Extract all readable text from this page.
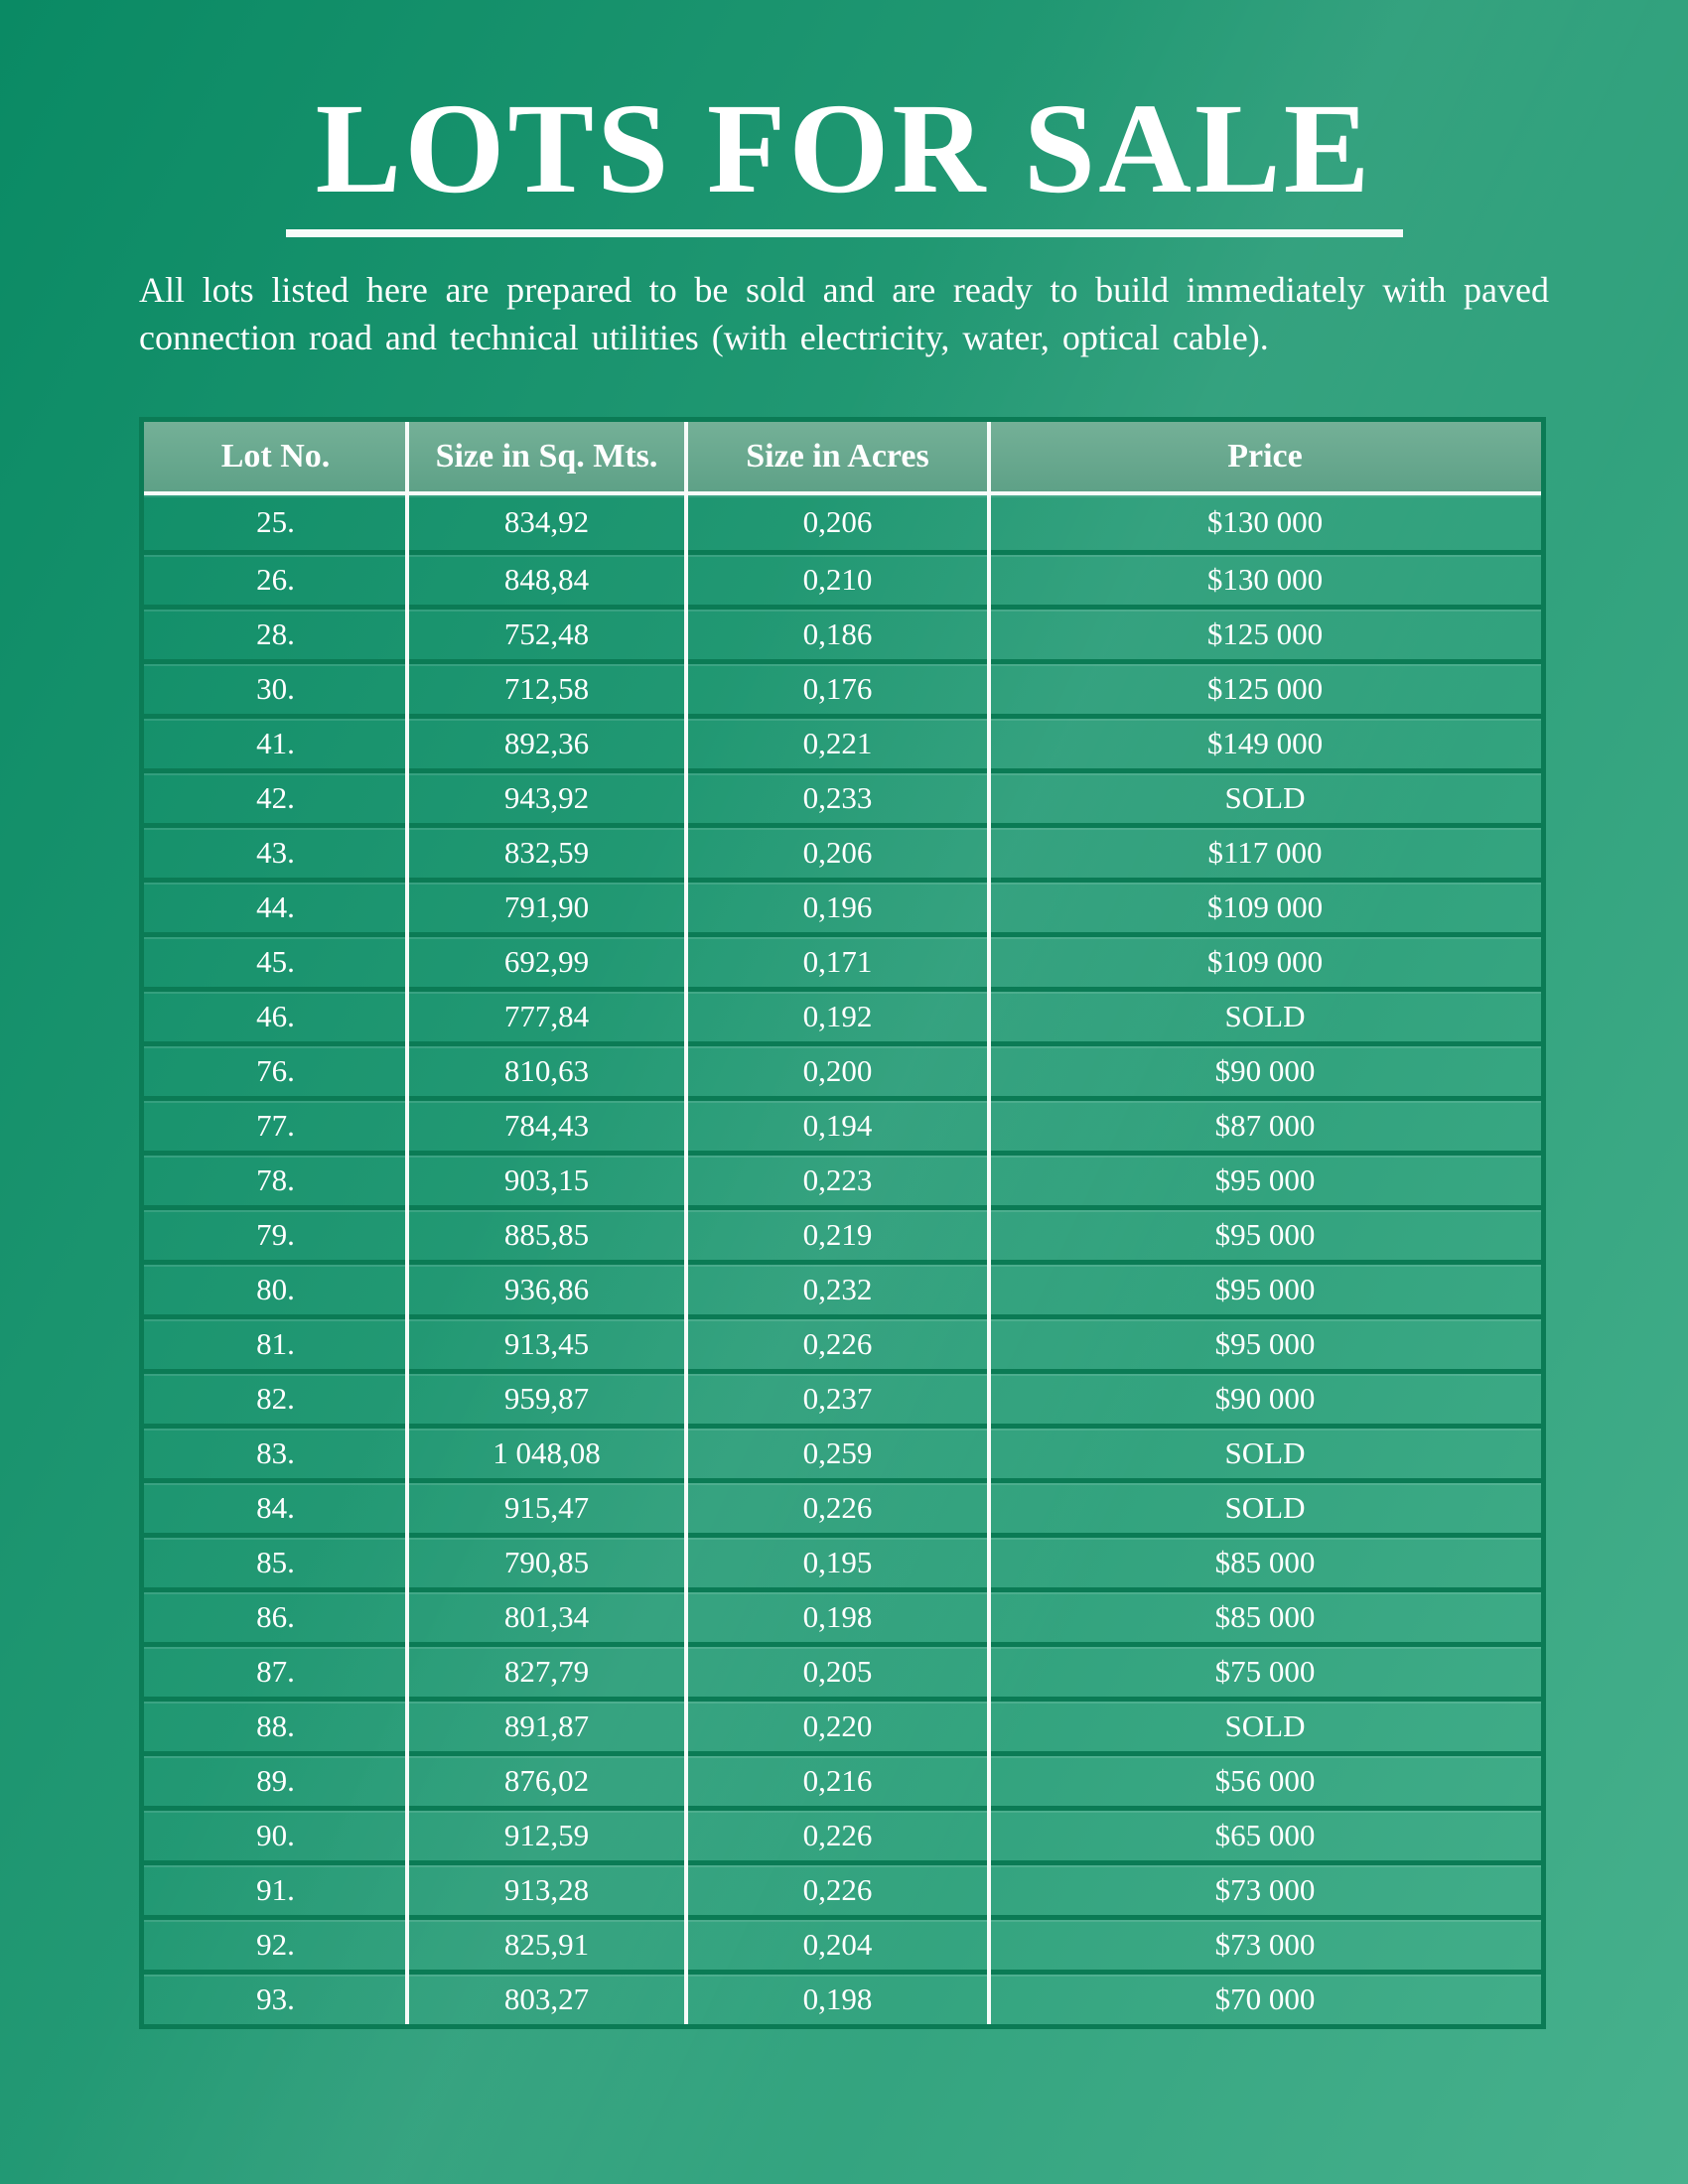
LOTS FOR SALE

All lots listed here are prepared to be sold and are ready to build immediately with paved connection road and technical utilities (with electricity, water, optical cable).

Lot No.	Size in Sq. Mts.	Size in Acres	Price
25.	834,92	0,206	$130 000
26.	848,84	0,210	$130 000
28.	752,48	0,186	$125 000
30.	712,58	0,176	$125 000
41.	892,36	0,221	$149 000
42.	943,92	0,233	SOLD
43.	832,59	0,206	$117 000
44.	791,90	0,196	$109 000
45.	692,99	0,171	$109 000
46.	777,84	0,192	SOLD
76.	810,63	0,200	$90 000
77.	784,43	0,194	$87 000
78.	903,15	0,223	$95 000
79.	885,85	0,219	$95 000
80.	936,86	0,232	$95 000
81.	913,45	0,226	$95 000
82.	959,87	0,237	$90 000
83.	1 048,08	0,259	SOLD
84.	915,47	0,226	SOLD
85.	790,85	0,195	$85 000
86.	801,34	0,198	$85 000
87.	827,79	0,205	$75 000
88.	891,87	0,220	SOLD
89.	876,02	0,216	$56 000
90.	912,59	0,226	$65 000
91.	913,28	0,226	$73 000
92.	825,91	0,204	$73 000
93.	803,27	0,198	$70 000
